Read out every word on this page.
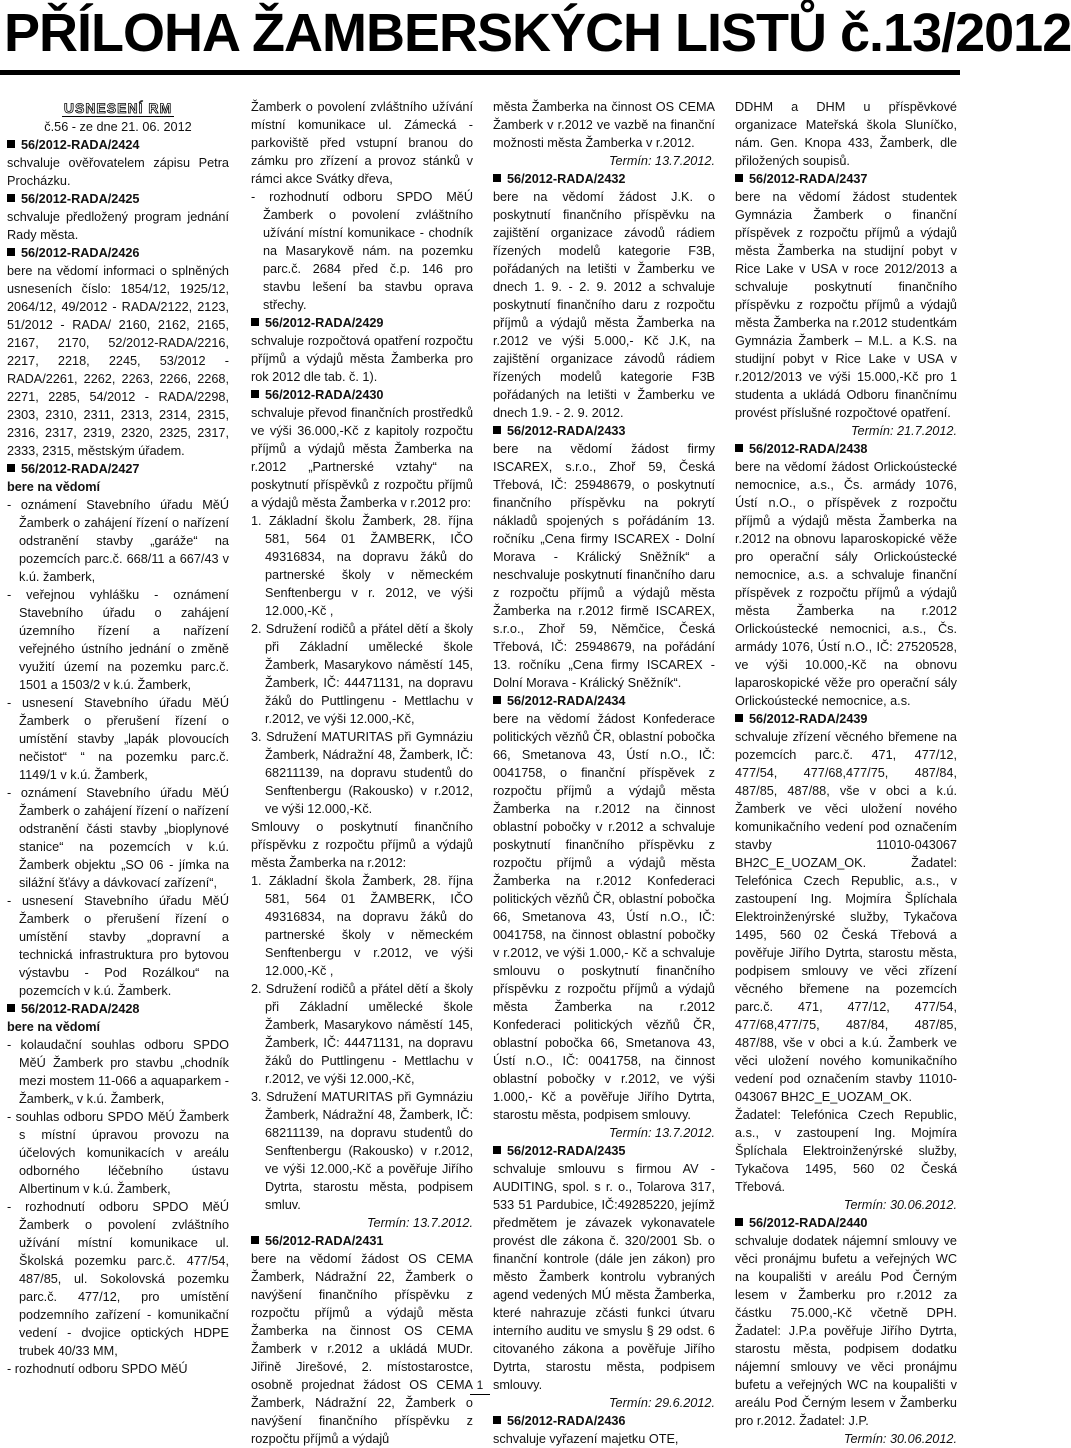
PŘÍLOHA ŽAMBERSKÝCH LISTŮ č.13/2012
USNESENÍ RM

č.56 - ze dne 21. 06. 2012

56/2012-RADA/2424

schvaluje ověřovatelem zápisu Petra Procházku.

56/2012-RADA/2425

schvaluje předložený program jednání Rady města.

56/2012-RADA/2426

bere na vědomí informaci o splněných usneseních číslo: 1854/12, 1925/12, 2064/12, 49/2012 - RADA/2122, 2123, 51/2012 - RADA/ 2160, 2162, 2165, 2167, 2170, 52/2012-RADA/2216, 2217, 2218, 2245, 53/2012 - RADA/2261, 2262, 2263, 2266, 2268, 2271, 2285, 54/2012 - RADA/2298, 2303, 2310, 2311, 2313, 2314, 2315, 2316, 2317, 2319, 2320, 2325, 2317, 2333, 2315, městským úřadem.

56/2012-RADA/2427

bere na vědomí

- oznámení Stavebního úřadu MěÚ Žamberk o zahájení řízení o nařízení odstranění stavby „garáže“ na pozemcích parc.č. 668/11 a 667/43 v k.ú. žamberk,

- veřejnou vyhlášku - oznámení Stavebního úřadu o zahájení územního řízení a nařízení veřejného ústního jednání o změně využití území na pozemku parc.č. 1501 a 1503/2 v k.ú. Žamberk,

- usnesení Stavebního úřadu MěÚ Žamberk o přerušení řízení o umístění stavby „lapák plovoucích nečistot“ “ na pozemku parc.č. 1149/1 v k.ú. Žamberk,

- oznámení Stavebního úřadu MěÚ Žamberk o zahájení řízení o nařízení odstranění části stavby „bioplynové stanice“ na pozemcích v k.ú. Žamberk objektu „SO 06 - jímka na silážní šťávy a dávkovací zařízení“,

- usnesení Stavebního úřadu MěÚ Žamberk o přerušení řízení o umístění stavby „dopravní a technická infrastruktura pro bytovou výstavbu - Pod Rozálkou“ na pozemcích v k.ú. Žamberk.

56/2012-RADA/2428

bere na vědomí

- kolaudační souhlas odboru SPDO MěÚ Žamberk pro stavbu „chodník mezi mostem 11-066 a aquaparkem - Žamberk„ v k.ú. Žamberk,

- souhlas odboru SPDO MěÚ Žamberk s místní úpravou provozu na účelových komunikacích v areálu odborného léčebního ústavu Albertinum v k.ú. Žamberk,

- rozhodnutí odboru SPDO MěÚ Žamberk o povolení zvláštního užívání místní komunikace ul. Školská pozemku parc.č. 477/54, 487/85, ul. Sokolovská pozemku parc.č. 477/12, pro umístění podzemního zařízení - komunikační vedení - dvojice optických HDPE trubek 40/33 MM,

- rozhodnutí odboru SPDO MěÚ

Žamberk o povolení zvláštního užívání místní komunikace ul. Zámecká - parkoviště před vstupní branou do zámku pro zřízení a provoz stánků v rámci akce Svátky dřeva,

- rozhodnutí odboru SPDO MěÚ Žamberk o povolení zvláštního užívání místní komunikace - chodník na Masarykově nám. na pozemku parc.č. 2684 před č.p. 146 pro stavbu lešení ba stavbu oprava střechy.

56/2012-RADA/2429

schvaluje rozpočtová opatření rozpočtu příjmů a výdajů města Žamberka pro rok 2012 dle tab. č. 1).

56/2012-RADA/2430

schvaluje převod finančních prostředků ve výši 36.000,-Kč z kapitoly rozpočtu příjmů a výdajů města Žamberka na r.2012 „Partnerské vztahy“ na poskytnutí příspěvků z rozpočtu příjmů a výdajů města Žamberka v r.2012 pro:

1. Základní školu Žamberk, 28. října 581, 564 01 ŽAMBERK, IČO 49316834, na dopravu žáků do partnerské školy v německém Senftenbergu v r. 2012, ve výši 12.000,-Kč ,

2. Sdružení rodičů a přátel dětí a školy při Základní umělecké škole Žamberk, Masarykovo náměstí 145, Žamberk, IČ: 44471131, na dopravu žáků do Puttlingenu - Mettlachu v r.2012, ve výši 12.000,-Kč,

3. Sdružení MATURITAS při Gymnáziu Žamberk, Nádražní 48, Žamberk, IČ: 68211139, na dopravu studentů do Senftenbergu (Rakousko) v r.2012, ve výši 12.000,-Kč.

Smlouvy o poskytnutí finančního příspěvku z rozpočtu příjmů a výdajů města Žamberka na r.2012:

1. Základní škola Žamberk, 28. října 581, 564 01 ŽAMBERK, IČO 49316834, na dopravu žáků do partnerské školy v německém Senftenbergu v r.2012, ve výši 12.000,-Kč ,

2. Sdružení rodičů a přátel dětí a školy při Základní umělecké škole Žamberk, Masarykovo náměstí 145, Žamberk, IČ: 44471131, na dopravu žáků do Puttlingenu - Mettlachu v r.2012, ve výši 12.000,-Kč,

3. Sdružení MATURITAS při Gymnáziu Žamberk, Nádražní 48, Žamberk, IČ: 68211139, na dopravu studentů do Senftenbergu (Rakousko) v r.2012, ve výši 12.000,-Kč a pověřuje Jiřího Dytrta, starostu města, podpisem smluv.

Termín: 13.7.2012.

56/2012-RADA/2431

bere na vědomí žádost OS CEMA Žamberk, Nádražní 22, Žamberk o navýšení finančního příspěvku z rozpočtu příjmů a výdajů města Žamberka na činnost OS CEMA Žamberk v r.2012 a ukládá MUDr. Jiřině Jirešové, 2. místostarostce, osobně projednat žádost OS CEMA Žamberk, Nádražní 22, Žamberk o navýšení finančního příspěvku z rozpočtu příjmů a výdajů

města Žamberka na činnost OS CEMA Žamberk v r.2012 ve vazbě na finanční možnosti města Žamberka v r.2012.

Termín: 13.7.2012.

56/2012-RADA/2432

bere na vědomí žádost J.K. o poskytnutí finančního příspěvku na zajištění organizace závodů rádiem řízených modelů kategorie F3B, pořádaných na letišti v Žamberku ve dnech 1. 9. - 2. 9. 2012 a schvaluje poskytnutí finančního daru z rozpočtu příjmů a výdajů města Žamberka na r.2012 ve výši 5.000,- Kč J.K, na zajištění organizace závodů rádiem řízených modelů kategorie F3B pořádaných na letišti v Žamberku ve dnech 1.9. - 2. 9. 2012.

56/2012-RADA/2433

bere na vědomí žádost firmy ISCAREX, s.r.o., Zhoř 59, Česká Třebová, IČ: 25948679, o poskytnutí finančního příspěvku na pokrytí nákladů spojených s pořádáním 13. ročníku „Cena firmy ISCAREX - Dolní Morava - Králický Sněžník“ a neschvaluje poskytnutí finančního daru z rozpočtu příjmů a výdajů města Žamberka na r.2012 firmě ISCAREX, s.r.o., Zhoř 59, Němčice, Česká Třebová, IČ: 25948679, na pořádání 13. ročníku „Cena firmy ISCAREX - Dolní Morava - Králický Sněžník“.

56/2012-RADA/2434

bere na vědomí žádost Konfederace politických vězňů ČR, oblastní pobočka 66, Smetanova 43, Ústí n.O., IČ: 0041758, o finanční příspěvek z rozpočtu příjmů a výdajů města Žamberka na r.2012 na činnost oblastní pobočky v r.2012 a schvaluje poskytnutí finančního příspěvku z rozpočtu příjmů a výdajů města Žamberka na r.2012 Konfederaci politických vězňů ČR, oblastní pobočka 66, Smetanova 43, Ústí n.O., IČ: 0041758, na činnost oblastní pobočky v r.2012, ve výši 1.000,- Kč a schvaluje smlouvu o poskytnutí finančního příspěvku z rozpočtu příjmů a výdajů města Žamberka na r.2012 Konfederaci politických vězňů ČR, oblastní pobočka 66, Smetanova 43, Ústí n.O., IČ: 0041758, na činnost oblastní pobočky v r.2012, ve výši 1.000,- Kč a pověřuje Jiřího Dytrta, starostu města, podpisem smlouvy.

Termín: 13.7.2012.

56/2012-RADA/2435

schvaluje smlouvu s firmou AV - AUDITING, spol. s r. o., Tolarova 317, 533 51 Pardubice, IČ:49285220, jejímž předmětem je závazek vykonavatele provést dle zákona č. 320/2001 Sb. o finanční kontrole (dále jen zákon) pro město Žamberk kontrolu vybraných agend vedených MÚ města Žamberka, které nahrazuje zčásti funkci útvaru interního auditu ve smyslu § 29 odst. 6 citovaného zákona a pověřuje Jiřího Dytrta, starostu města, podpisem smlouvy.

Termín: 29.6.2012.

56/2012-RADA/2436

schvaluje vyřazení majetku OTE,

DDHM a DHM u příspěvkové organizace Mateřská škola Sluníčko, nám. Gen. Knopa 433, Žamberk, dle přiložených soupisů.

56/2012-RADA/2437

bere na vědomí žádost studentek Gymnázia Žamberk o finanční příspěvek z rozpočtu příjmů a výdajů města Žamberka na studijní pobyt v Rice Lake v USA v roce 2012/2013 a schvaluje poskytnutí finančního příspěvku z rozpočtu příjmů a výdajů města Žamberka na r.2012 studentkám Gymnázia Žamberk – M.L. a K.S. na studijní pobyt v Rice Lake v USA v r.2012/2013 ve výši 15.000,-Kč pro 1 studenta a ukládá Odboru finančnímu provést příslušné rozpočtové opatření.

Termín: 21.7.2012.

56/2012-RADA/2438

bere na vědomí žádost Orlickoústecké nemocnice, a.s., Čs. armády 1076, Ústí n.O., o příspěvek z rozpočtu příjmů a výdajů města Žamberka na r.2012 na obnovu laparoskopické věže pro operační sály Orlickoústecké nemocnice, a.s. a schvaluje finanční příspěvek z rozpočtu příjmů a výdajů města Žamberka na r.2012 Orlickoústecké nemocnici, a.s., Čs. armády 1076, Ústí n.O., IČ: 27520528, ve výši 10.000,-Kč na obnovu laparoskopické věže pro operační sály Orlickoústecké nemocnice, a.s.

56/2012-RADA/2439

schvaluje zřízení věcného břemene na pozemcích parc.č. 471, 477/12, 477/54, 477/68,477/75, 487/84, 487/85, 487/88, vše v obci a k.ú. Žamberk ve věci uložení nového komunikačního vedení pod označením stavby 11010-043067 BH2C_E_UOZAM_OK. Žadatel: Telefónica Czech Republic, a.s., v zastoupení Ing. Mojmíra Šplíchala Elektroinženýrské služby, Tykačova 1495, 560 02 Česká Třebová a pověřuje Jiřího Dytrta, starostu města, podpisem smlouvy ve věci zřízení věcného břemene na pozemcích parc.č. 471, 477/12, 477/54, 477/68,477/75, 487/84, 487/85, 487/88, vše v obci a k.ú. Žamberk ve věci uložení nového komunikačního vedení pod označením stavby 11010- 043067 BH2C_E_UOZAM_OK.

Žadatel: Telefónica Czech Republic, a.s., v zastoupení Ing. Mojmíra Šplíchala Elektroinženýrské služby, Tykačova 1495, 560 02 Česká Třebová.

Termín: 30.06.2012.

56/2012-RADA/2440

schvaluje dodatek nájemní smlouvy ve věci pronájmu bufetu a veřejných WC na koupališti v areálu Pod Černým lesem v Žamberku pro r.2012 za částku 75.000,-Kč včetně DPH. Žadatel: J.P.a pověřuje Jiřího Dytrta, starostu města, podpisem dodatku nájemní smlouvy ve věci pronájmu bufetu a veřejných WC na koupališti v areálu Pod Černým lesem v Žamberku pro r.2012. Žadatel: J.P.

Termín: 30.06.2012.

1
